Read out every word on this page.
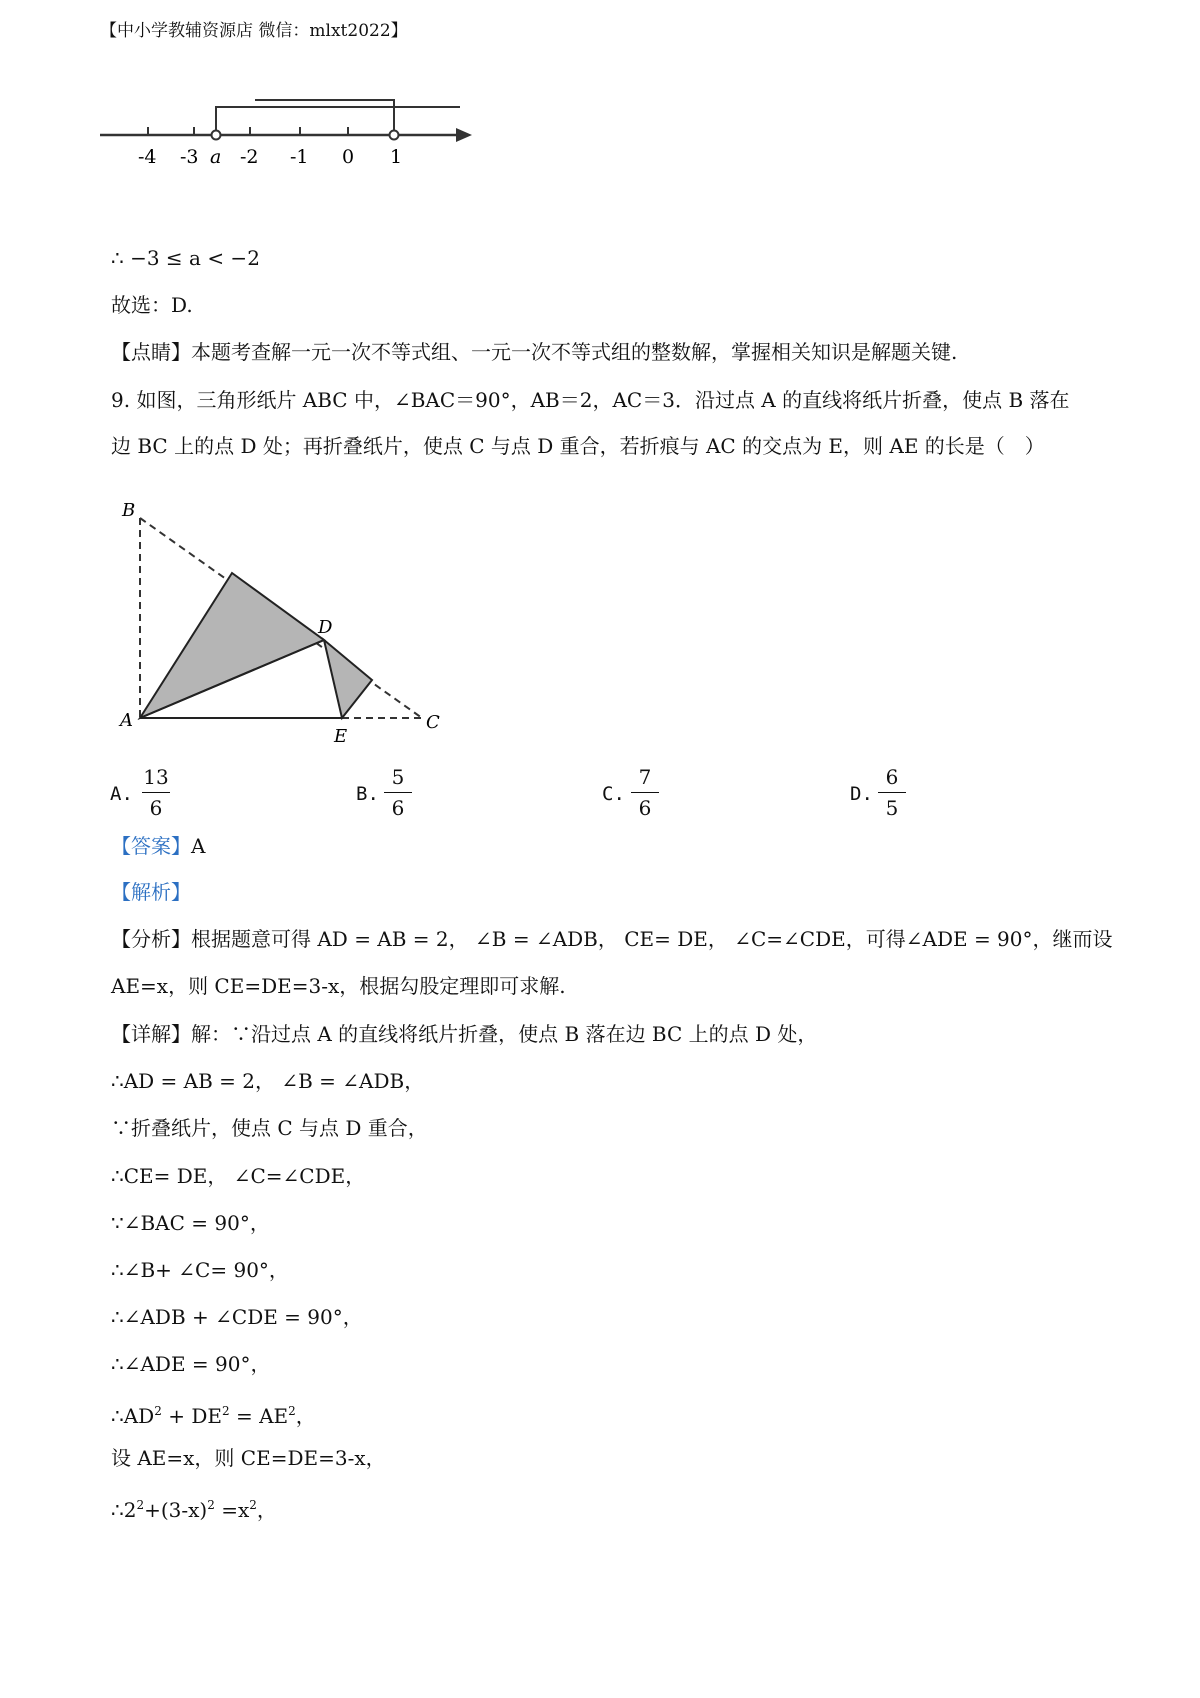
【中小学教辅资源店 微信：mlxt2022】
-4 -3 a -2 -1 0 1
∴ −3 ≤ a < −2
故选：D.
【点睛】本题考查解一元一次不等式组、一元一次不等式组的整数解，掌握相关知识是解题关键.
9. 如图，三角形纸片 ABC 中，∠BAC＝90°，AB＝2，AC＝3．沿过点 A 的直线将纸片折叠，使点 B 落在
边 BC 上的点 D 处；再折叠纸片，使点 C 与点 D 重合，若折痕与 AC 的交点为 E，则 AE 的长是（　）
B
D
A
E
C
A.
13
6
B.
5
6
C.
7
6
D.
6
5
【答案】A
【解析】
【分析】根据题意可得 AD = AB = 2， ∠B = ∠ADB， CE= DE， ∠C=∠CDE，可得∠ADE = 90°，继而设
AE=x，则 CE=DE=3-x，根据勾股定理即可求解.
【详解】解：∵沿过点 A 的直线将纸片折叠，使点 B 落在边 BC 上的点 D 处，
∴AD = AB = 2， ∠B = ∠ADB，
∵折叠纸片，使点 C 与点 D 重合，
∴CE= DE， ∠C=∠CDE，
∵∠BAC = 90°，
∴∠B+ ∠C= 90°，
∴∠ADB + ∠CDE = 90°，
∴∠ADE = 90°，
$\therefore AD^2 + DE^2 = AE^2$，
设 AE=x，则 CE=DE=3-x，
$\therefore 2^2+(3-x)^2 =x^2$，
